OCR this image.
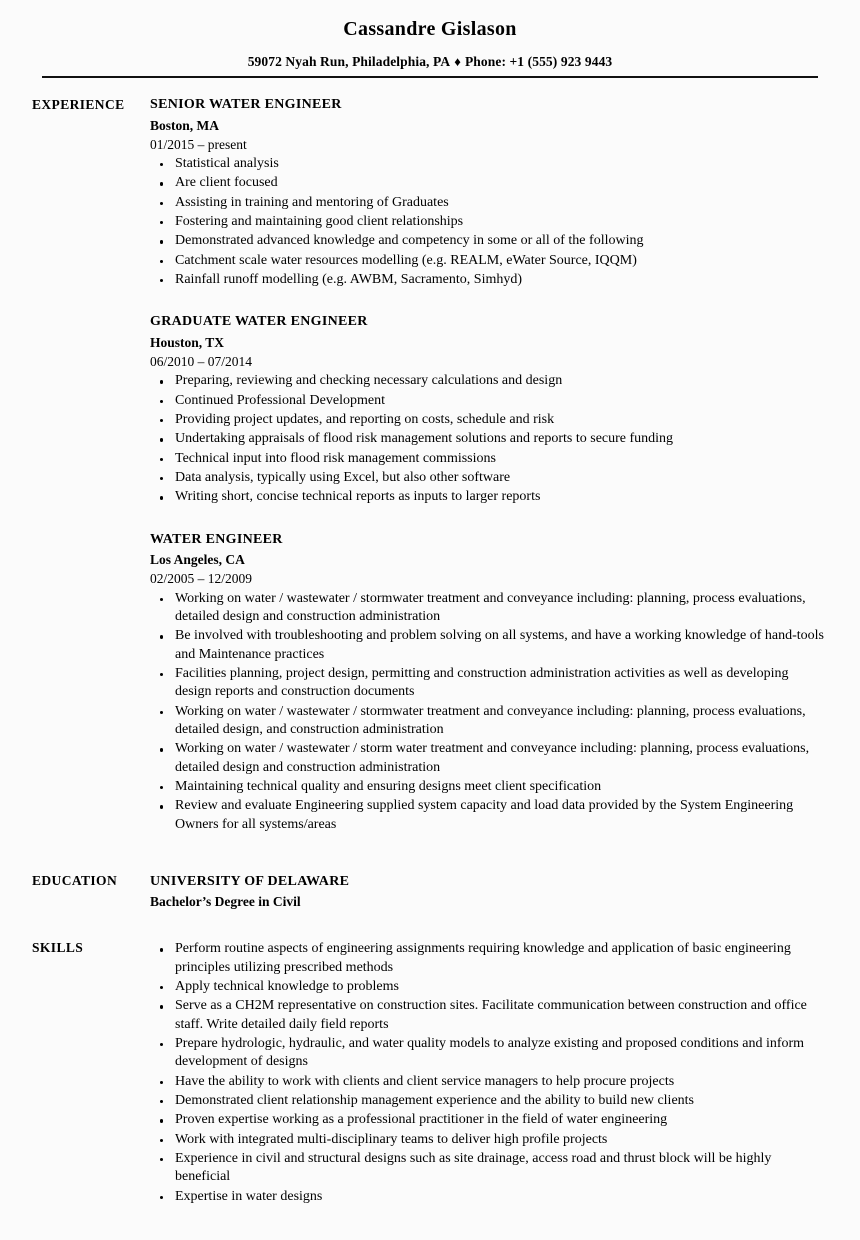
Cassandre Gislason
59072 Nyah Run, Philadelphia, PA ♦ Phone: +1 (555) 923 9443
EXPERIENCE	SENIOR WATER ENGINEER
Boston, MA
01/2015 – present
Statistical analysis
Are client focused
Assisting in training and mentoring of Graduates
Fostering and maintaining good client relationships
Demonstrated advanced knowledge and competency in some or all of the following
Catchment scale water resources modelling (e.g. REALM, eWater Source, IQQM)
Rainfall runoff modelling (e.g. AWBM, Sacramento, Simhyd)
GRADUATE WATER ENGINEER
Houston, TX
06/2010 – 07/2014
Preparing, reviewing and checking necessary calculations and design
Continued Professional Development
Providing project updates, and reporting on costs, schedule and risk
Undertaking appraisals of flood risk management solutions and reports to secure funding
Technical input into flood risk management commissions
Data analysis, typically using Excel, but also other software
Writing short, concise technical reports as inputs to larger reports
WATER ENGINEER
Los Angeles, CA
02/2005 – 12/2009
Working on water / wastewater / stormwater treatment and conveyance including: planning, process evaluations, detailed design and construction administration
Be involved with troubleshooting and problem solving on all systems, and have a working knowledge of hand-tools and Maintenance practices
Facilities planning, project design, permitting and construction administration activities as well as developing design reports and construction documents
Working on water / wastewater / stormwater treatment and conveyance including: planning, process evaluations, detailed design, and construction administration
Working on water / wastewater / storm water treatment and conveyance including: planning, process evaluations, detailed design and construction administration
Maintaining technical quality and ensuring designs meet client specification
Review and evaluate Engineering supplied system capacity and load data provided by the System Engineering Owners for all systems/areas
EDUCATION	UNIVERSITY OF DELAWARE
Bachelor’s Degree in Civil
SKILLS	Perform routine aspects of engineering assignments requiring knowledge and application of basic engineering principles utilizing prescribed methods
Apply technical knowledge to problems
Serve as a CH2M representative on construction sites. Facilitate communication between construction and office staff. Write detailed daily field reports
Prepare hydrologic, hydraulic, and water quality models to analyze existing and proposed conditions and inform development of designs
Have the ability to work with clients and client service managers to help procure projects
Demonstrated client relationship management experience and the ability to build new clients
Proven expertise working as a professional practitioner in the field of water engineering
Work with integrated multi-disciplinary teams to deliver high profile projects
Experience in civil and structural designs such as site drainage, access road and thrust block will be highly beneficial
Expertise in water designs
